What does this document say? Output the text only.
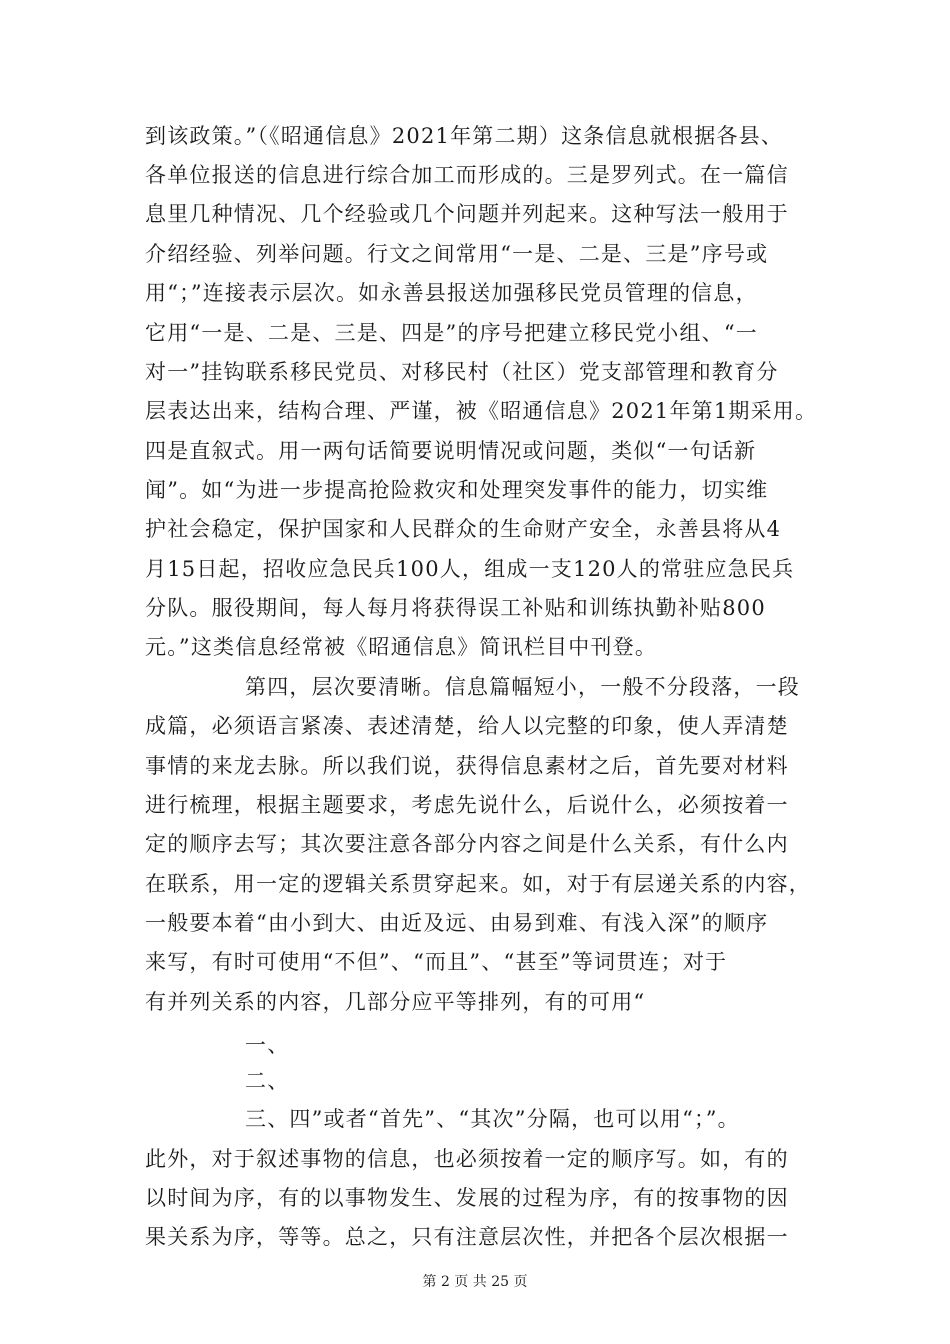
到该政策。”（《昭通信息》2021年第二期）这条信息就根据各县、
各单位报送的信息进行综合加工而形成的。三是罗列式。在一篇信
息里几种情况、几个经验或几个问题并列起来。这种写法一般用于
介绍经验、列举问题。行文之间常用“一是、二是、三是”序号或
用“；”连接表示层次。如永善县报送加强移民党员管理的信息，
它用“一是、二是、三是、四是”的序号把建立移民党小组、“一
对一”挂钩联系移民党员、对移民村（社区）党支部管理和教育分
层表达出来，结构合理、严谨，被《昭通信息》2021年第1期采用。
四是直叙式。用一两句话简要说明情况或问题，类似“一句话新
闻”。如“为进一步提高抢险救灾和处理突发事件的能力，切实维
护社会稳定，保护国家和人民群众的生命财产安全，永善县将从4
月15日起，招收应急民兵100人，组成一支120人的常驻应急民兵
分队。服役期间，每人每月将获得误工补贴和训练执勤补贴800
元。”这类信息经常被《昭通信息》简讯栏目中刊登。
第四，层次要清晰。信息篇幅短小，一般不分段落，一段
成篇，必须语言紧凑、表述清楚，给人以完整的印象，使人弄清楚
事情的来龙去脉。所以我们说，获得信息素材之后，首先要对材料
进行梳理，根据主题要求，考虑先说什么，后说什么，必须按着一
定的顺序去写；其次要注意各部分内容之间是什么关系，有什么内
在联系，用一定的逻辑关系贯穿起来。如，对于有层递关系的内容，
一般要本着“由小到大、由近及远、由易到难、有浅入深”的顺序
来写，有时可使用“不但”、“而且”、“甚至”等词贯连；对于
有并列关系的内容，几部分应平等排列，有的可用“
一、
二、
三、四”或者“首先”、“其次”分隔，也可以用“；”。
此外，对于叙述事物的信息，也必须按着一定的顺序写。如，有的
以时间为序，有的以事物发生、发展的过程为序，有的按事物的因
果关系为序，等等。总之，只有注意层次性，并把各个层次根据一
第 2 页 共 25 页
